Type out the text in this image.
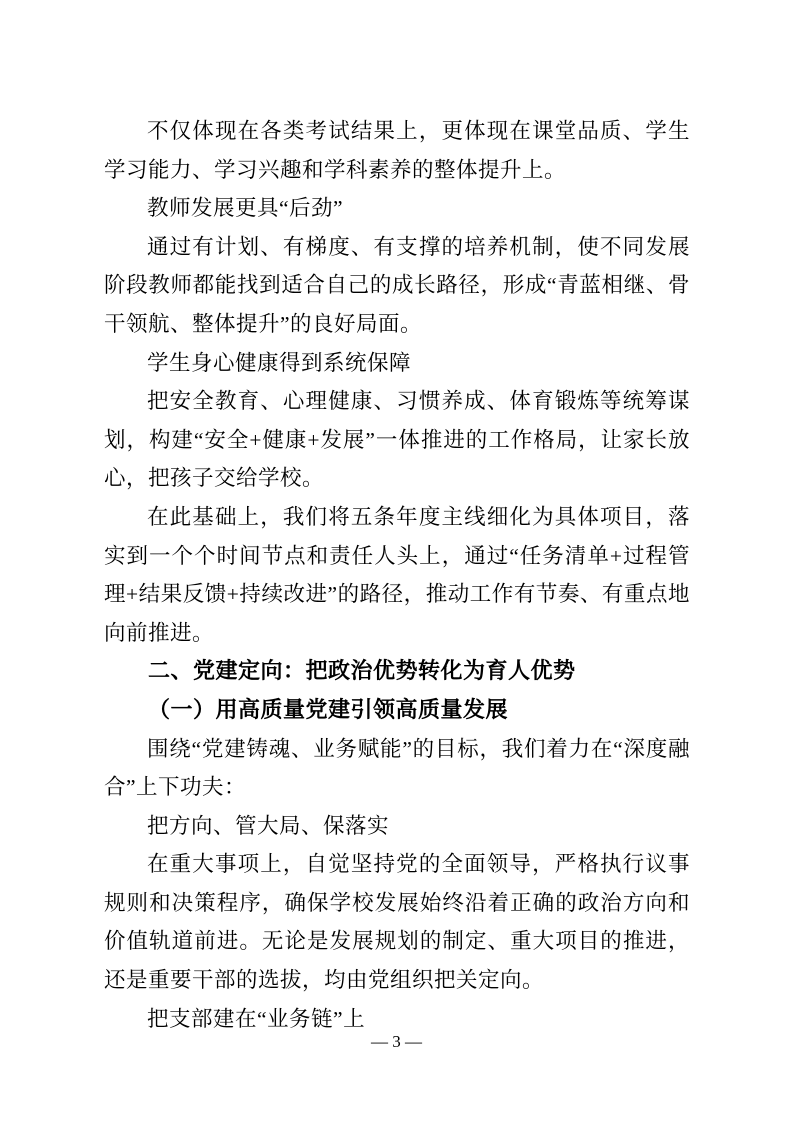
不仅体现在各类考试结果上，更体现在课堂品质、学生学习能力、学习兴趣和学科素养的整体提升上。

教师发展更具“后劲”

通过有计划、有梯度、有支撑的培养机制，使不同发展阶段教师都能找到适合自己的成长路径，形成“青蓝相继、骨干领航、整体提升”的良好局面。

学生身心健康得到系统保障

把安全教育、心理健康、习惯养成、体育锻炼等统筹谋划，构建“安全+健康+发展”一体推进的工作格局，让家长放心，把孩子交给学校。

在此基础上，我们将五条年度主线细化为具体项目，落实到一个个时间节点和责任人头上，通过“任务清单+过程管理+结果反馈+持续改进”的路径，推动工作有节奏、有重点地向前推进。

二、党建定向：把政治优势转化为育人优势

（一）用高质量党建引领高质量发展

围绕“党建铸魂、业务赋能”的目标，我们着力在“深度融合”上下功夫：

把方向、管大局、保落实

在重大事项上，自觉坚持党的全面领导，严格执行议事规则和决策程序，确保学校发展始终沿着正确的政治方向和价值轨道前进。无论是发展规划的制定、重大项目的推进，还是重要干部的选拔，均由党组织把关定向。

把支部建在“业务链”上

— 3 —
